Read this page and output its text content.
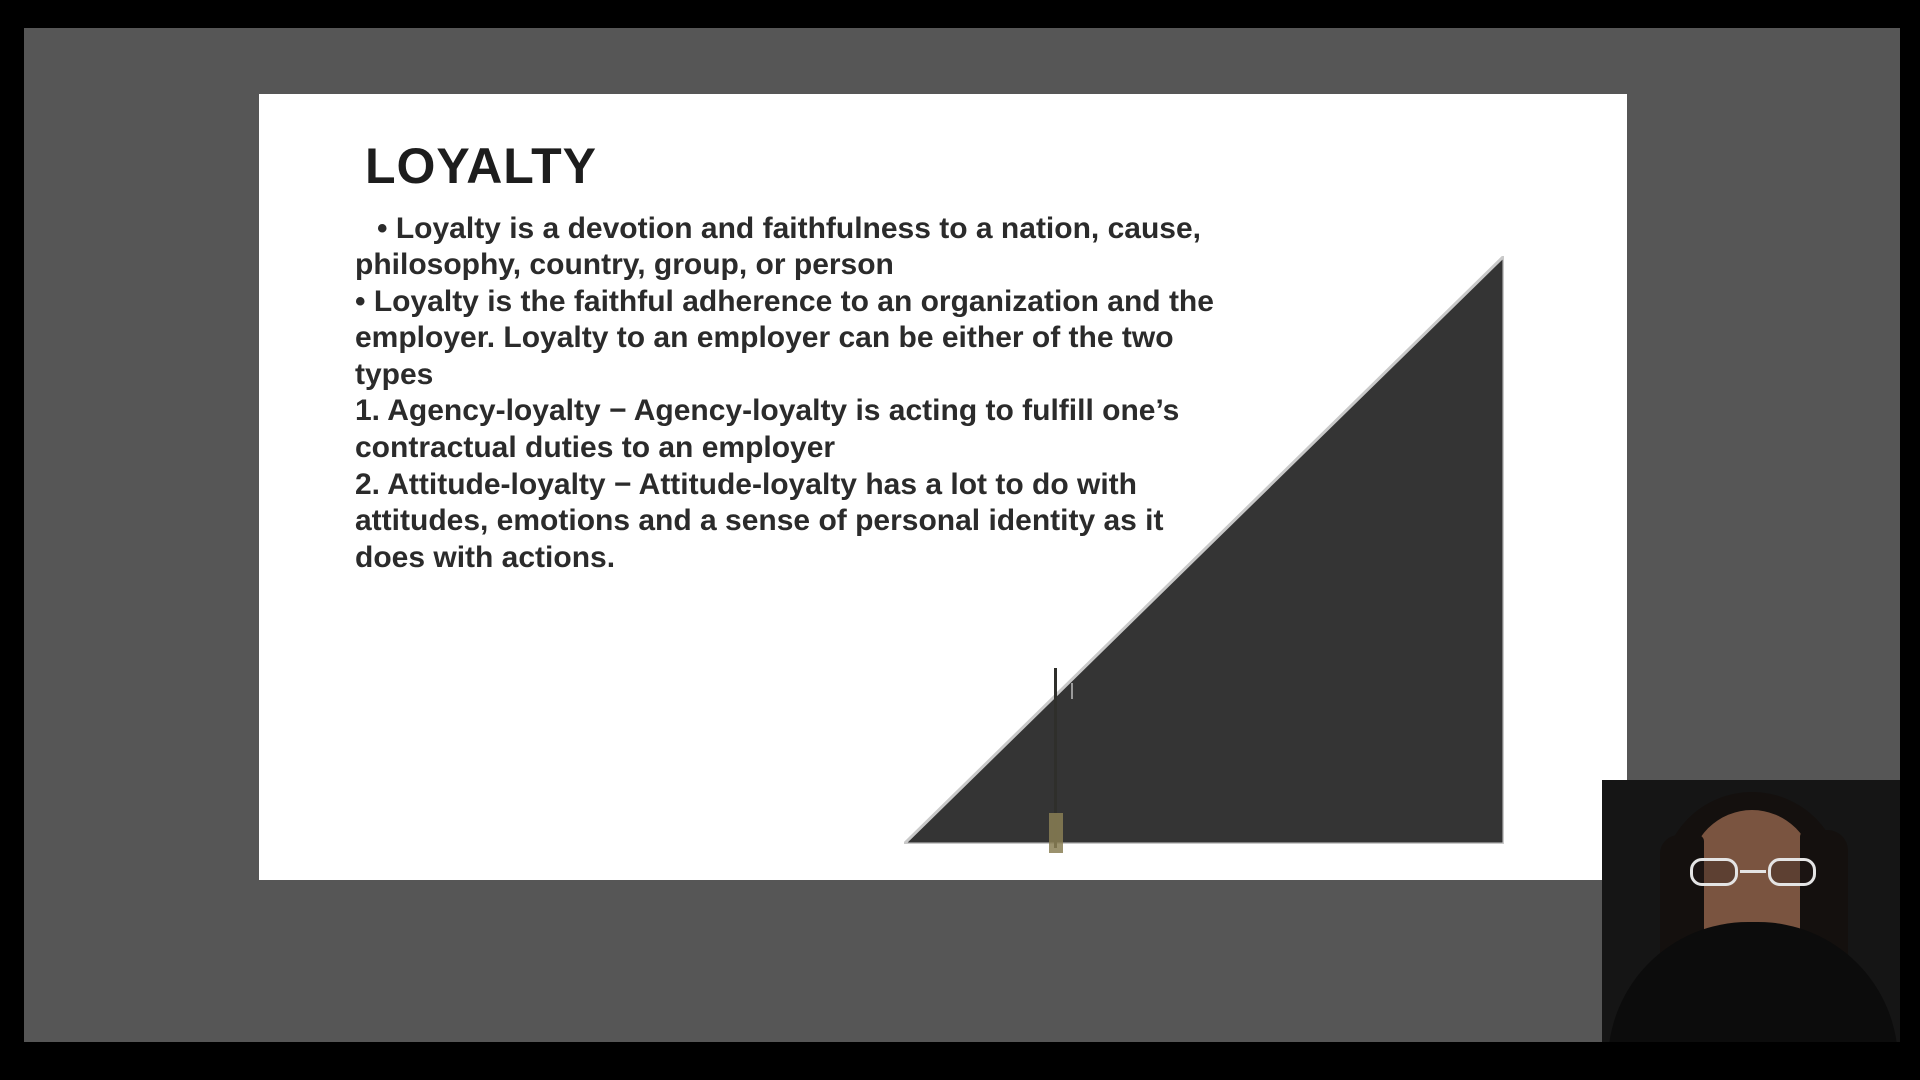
LOYALTY

• Loyalty is a devotion and faithfulness to a nation, cause, philosophy, country, group, or person

• Loyalty is the faithful adherence to an organization and the employer. Loyalty to an employer can be either of the two types

1. Agency-loyalty − Agency-loyalty is acting to fulfill one’s contractual duties to an employer

2. Attitude-loyalty − Attitude-loyalty has a lot to do with attitudes, emotions and a sense of personal identity as it does with actions.
